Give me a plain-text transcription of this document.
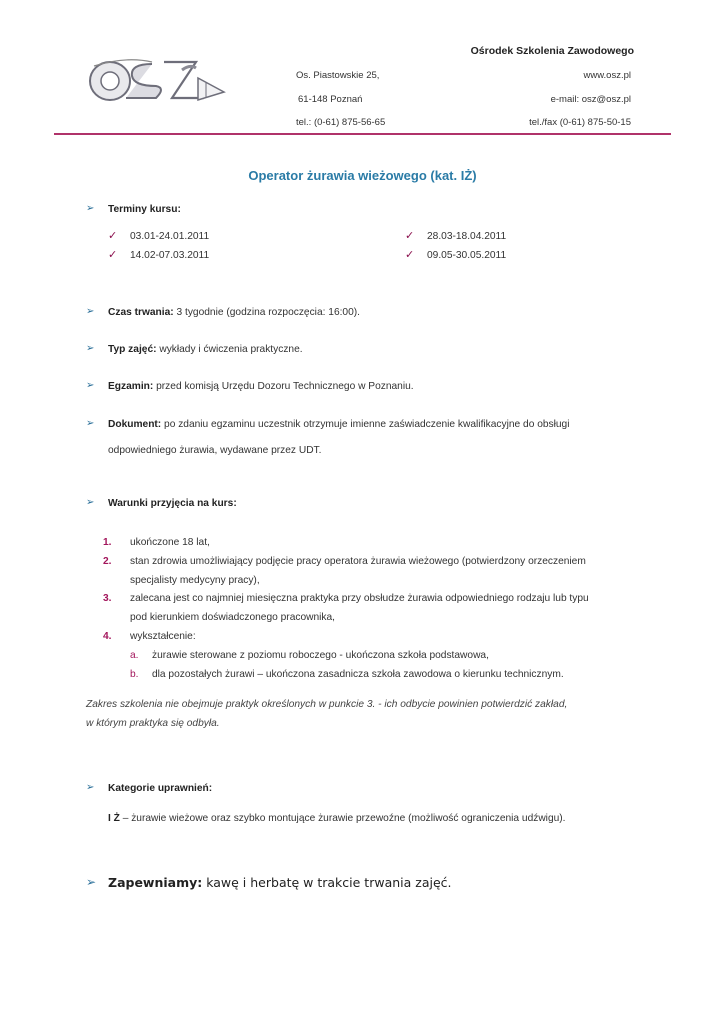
Ośrodek Szkolenia Zawodowego
Os. Piastowskie 25,
61-148 Poznań
tel.: (0-61) 875-56-65
www.osz.pl
e-mail: osz@osz.pl
tel./fax (0-61) 875-50-15
Operator żurawia wieżowego (kat. IŻ)
➢ Terminy kursu:
✓ 03.01-24.01.2011
✓ 14.02-07.03.2011
✓ 28.03-18.04.2011
✓ 09.05-30.05.2011
➢ Czas trwania: 3 tygodnie (godzina rozpoczęcia: 16:00).
➢ Typ zajęć: wykłady i ćwiczenia praktyczne.
➢ Egzamin: przed komisją Urzędu Dozoru Technicznego w Poznaniu.
➢ Dokument: po zdaniu egzaminu uczestnik otrzymuje imienne zaświadczenie kwalifikacyjne do obsługi
odpowiedniego żurawia, wydawane przez UDT.
➢ Warunki przyjęcia na kurs:
1. ukończone 18 lat,
2. stan zdrowia umożliwiający podjęcie pracy operatora żurawia wieżowego (potwierdzony orzeczeniem
specjalisty medycyny pracy),
3. zalecana jest co najmniej miesięczna praktyka przy obsłudze żurawia odpowiedniego rodzaju lub typu
pod kierunkiem doświadczonego pracownika,
4. wykształcenie:
a. żurawie sterowane z poziomu roboczego - ukończona szkoła podstawowa,
b. dla pozostałych żurawi – ukończona zasadnicza szkoła zawodowa o kierunku technicznym.
Zakres szkolenia nie obejmuje praktyk określonych w punkcie 3. - ich odbycie powinien potwierdzić zakład,
w którym praktyka się odbyła.
➢ Kategorie uprawnień:
I Ż – żurawie wieżowe oraz szybko montujące żurawie przewoźne (możliwość ograniczenia udźwigu).
➢ Zapewniamy: kawę i herbatę w trakcie trwania zajęć.
